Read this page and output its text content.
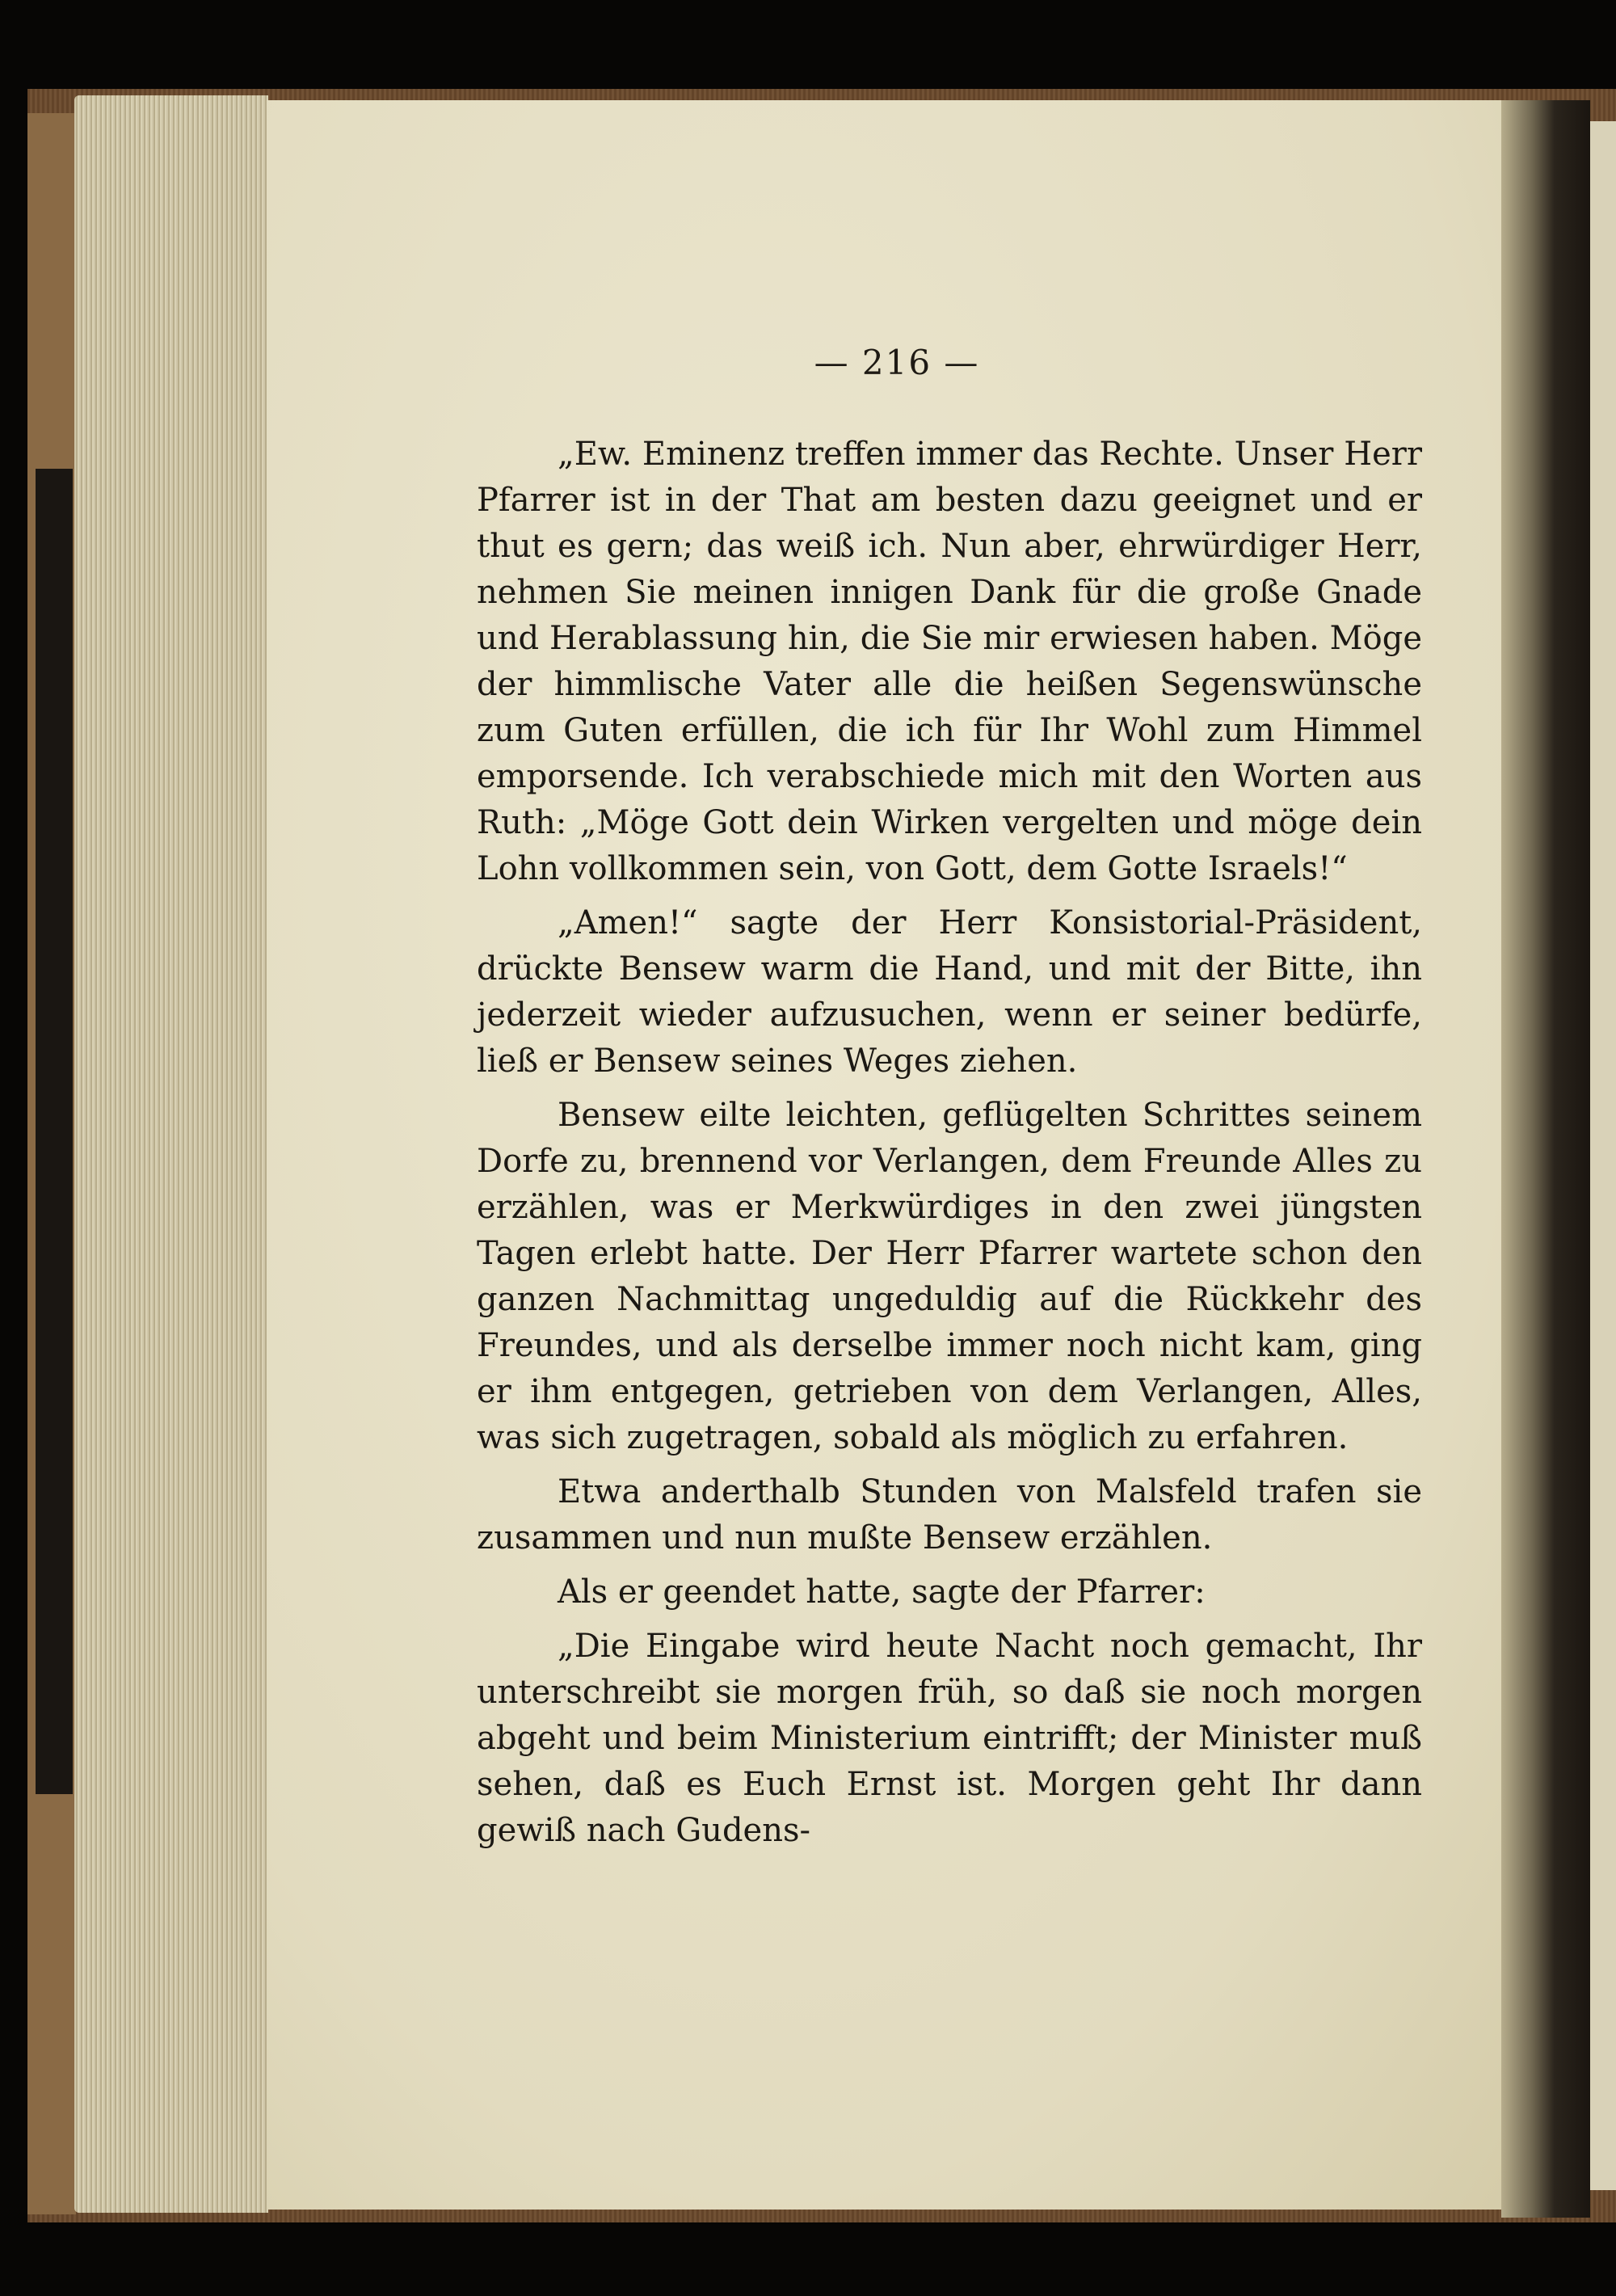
— 216 —

„Ew. Eminenz treffen immer das Rechte. Unser Herr Pfarrer ist in der That am besten dazu geeignet und er thut es gern; das weiß ich. Nun aber, ehrwürdiger Herr, nehmen Sie meinen innigen Dank für die große Gnade und Herablassung hin, die Sie mir erwiesen haben. Möge der himmlische Vater alle die heißen Segenswünsche zum Guten erfüllen, die ich für Ihr Wohl zum Himmel emporsende. Ich verabschiede mich mit den Worten aus Ruth: „Möge Gott dein Wirken vergelten und möge dein Lohn vollkommen sein, von Gott, dem Gotte Israels!“

„Amen!“ sagte der Herr Konsistorial-Präsident, drückte Bensew warm die Hand, und mit der Bitte, ihn jederzeit wieder aufzusuchen, wenn er seiner bedürfe, ließ er Bensew seines Weges ziehen.

Bensew eilte leichten, geflügelten Schrittes seinem Dorfe zu, brennend vor Verlangen, dem Freunde Alles zu erzählen, was er Merkwürdiges in den zwei jüngsten Tagen erlebt hatte. Der Herr Pfarrer wartete schon den ganzen Nachmittag ungeduldig auf die Rückkehr des Freundes, und als derselbe immer noch nicht kam, ging er ihm entgegen, getrieben von dem Verlangen, Alles, was sich zugetragen, sobald als möglich zu erfahren.

Etwa anderthalb Stunden von Malsfeld trafen sie zusammen und nun mußte Bensew erzählen.

Als er geendet hatte, sagte der Pfarrer:

„Die Eingabe wird heute Nacht noch gemacht, Ihr unterschreibt sie morgen früh, so daß sie noch morgen abgeht und beim Ministerium eintrifft; der Minister muß sehen, daß es Euch Ernst ist. Morgen geht Ihr dann gewiß nach Gudens-
